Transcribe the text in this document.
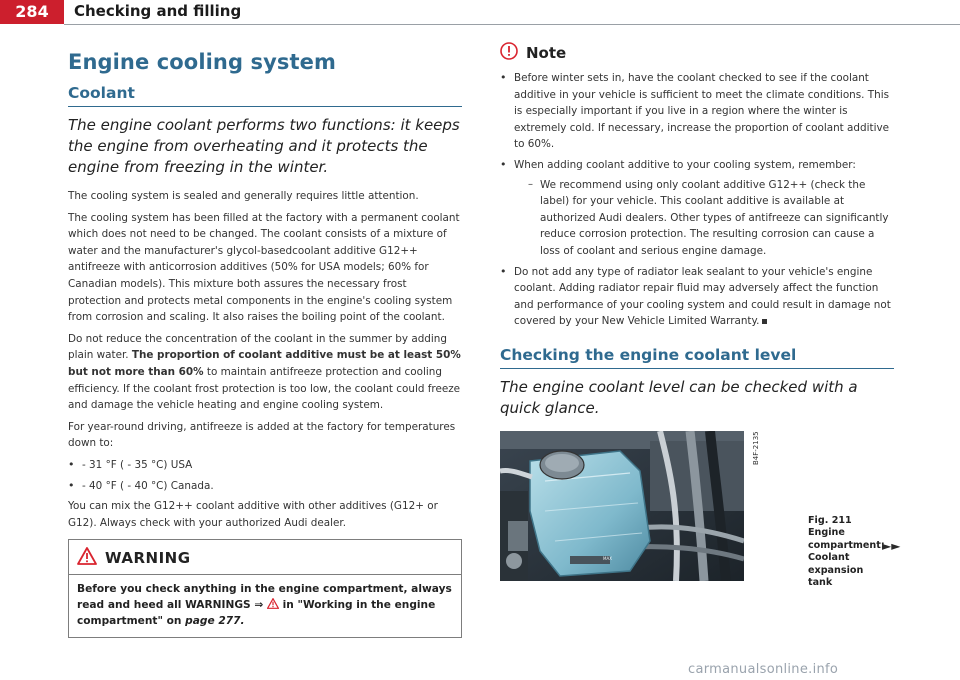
284	Checking and filling
Engine cooling system
Coolant
The engine coolant performs two functions: it keeps the engine from overheating and it protects the engine from freezing in the winter.

The cooling system is sealed and generally requires little attention.

The cooling system has been filled at the factory with a permanent coolant which does not need to be changed. The coolant consists of a mixture of water and the manufacturer's glycol-basedcoolant additive G12++ antifreeze with anticorrosion additives (50% for USA models; 60% for Canadian models). This mixture both assures the necessary frost protection and protects metal components in the engine's cooling system from corrosion and scaling. It also raises the boiling point of the coolant.

Do not reduce the concentration of the coolant in the summer by adding plain water. The proportion of coolant additive must be at least 50% but not more than 60% to maintain antifreeze protection and cooling efficiency. If the coolant frost protection is too low, the coolant could freeze and damage the vehicle heating and engine cooling system.

For year-round driving, antifreeze is added at the factory for temperatures down to:

• - 31 °F ( - 35 °C) USA
• - 40 °F ( - 40 °C) Canada.

You can mix the G12++ coolant additive with other additives (G12+ or G12). Always check with your authorized Audi dealer.

WARNING
Before you check anything in the engine compartment, always read and heed all WARNINGS ⇒  in "Working in the engine compartment" on page 277.
Note
• Before winter sets in, have the coolant checked to see if the coolant additive in your vehicle is sufficient to meet the climate conditions. This is especially important if you live in a region where the winter is extremely cold. If necessary, increase the proportion of coolant additive to 60%.
• When adding coolant additive to your cooling system, remember:
– We recommend using only coolant additive G12++ (check the label) for your vehicle. This coolant additive is available at authorized Audi dealers. Other types of antifreeze can significantly reduce corrosion protection. The resulting corrosion can cause a loss of coolant and serious engine damage.
• Do not add any type of radiator leak sealant to your vehicle's engine coolant. Adding radiator repair fluid may adversely affect the function and performance of your cooling system and could result in damage not covered by your New Vehicle Limited Warranty.
Checking the engine coolant level
The engine coolant level can be checked with a quick glance.
MAX
B4F-2135
Fig. 211 Engine compartment: Coolant expansion tank
►►
carmanualsonline.info
